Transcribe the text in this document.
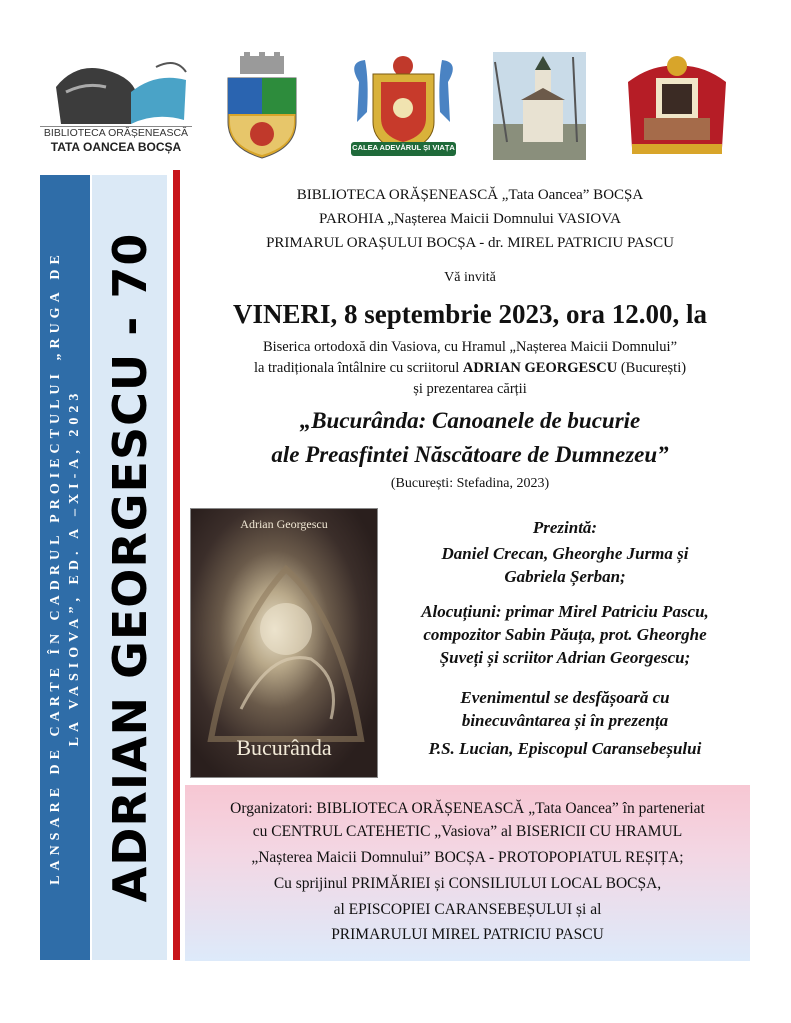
BIBLIOTECA ORĂȘENEASCĂ
TATA OANCEA BOCȘA	CALEA ADEVĂRUL ȘI VIAȚA
LANSARE DE CARTE ÎN CADRUL PROIECTULUI „RUGA DE LA VASIOVA”, ED. A –XI-A, 2023 ADRIAN GEORGESCU - 70
BIBLIOTECA ORĂȘENEASCĂ „Tata Oancea” BOCȘA
PAROHIA „Nașterea Maicii Domnului VASIOVA
PRIMARUL ORAȘULUI BOCȘA - dr. MIREL PATRICIU PASCU
Vă invită
VINERI, 8 septembrie 2023, ora 12.00, la
Biserica ortodoxă din Vasiova, cu Hramul „Nașterea Maicii Domnului”
la tradiționala întâlnire cu scriitorul ADRIAN GEORGESCU (București)
și prezentarea cărții
„Bucurânda: Canoanele de bucurie
ale Preasfintei Născătoare de Dumnezeu”
(București: Stefadina, 2023)
Adrian Georgescu
Bucurânda
Prezintă:
Daniel Crecan, Gheorghe Jurma și
Gabriela Șerban;
Alocuțiuni: primar Mirel Patriciu Pascu,
compozitor Sabin Păuța, prot. Gheorghe
Șuveți și scriitor Adrian Georgescu;
Evenimentul se desfășoară cu
binecuvântarea și în prezența
P.S. Lucian, Episcopul Caransebeșului
Organizatori: BIBLIOTECA ORĂȘENEASCĂ „Tata Oancea” în parteneriat
cu CENTRUL CATEHETIC „Vasiova” al BISERICII CU HRAMUL
„Nașterea Maicii Domnului” BOCȘA - PROTOPOPIATUL REȘIȚA;
Cu sprijinul PRIMĂRIEI și CONSILIULUI LOCAL BOCȘA,
al EPISCOPIEI CARANSEBEȘULUI și al
PRIMARULUI MIREL PATRICIU PASCU
